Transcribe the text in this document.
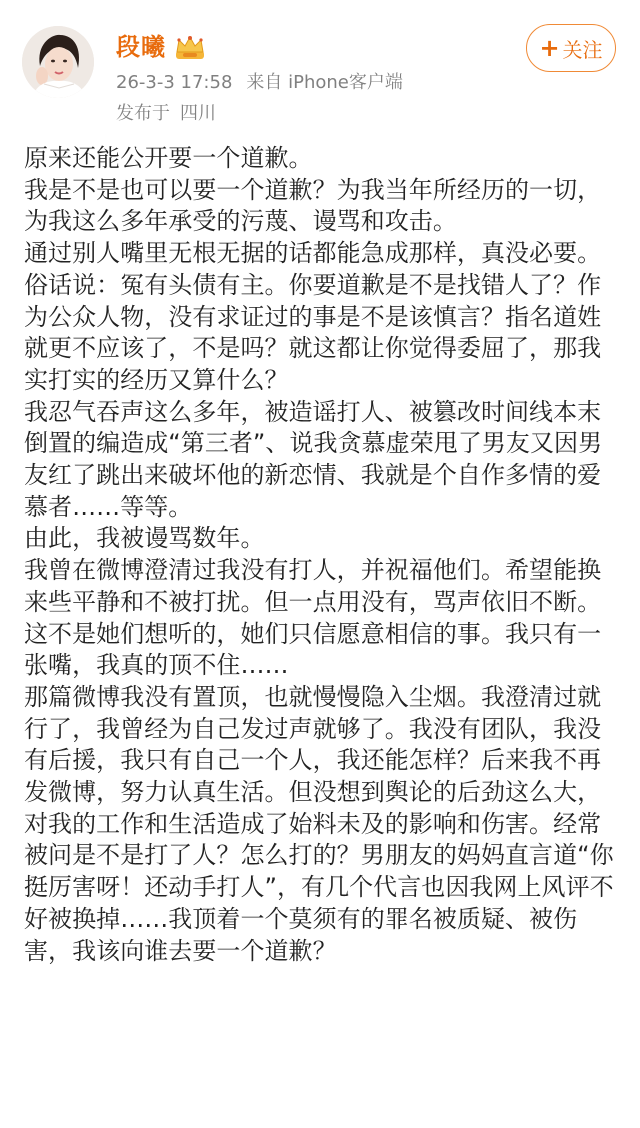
段曦
26-3-3 17:58 来自 iPhone客户端
发布于 四川
+ 关注

原来还能公开要一个道歉。

我是不是也可以要一个道歉？为我当年所经历的一切，为我这么多年承受的污蔑、谩骂和攻击。

通过别人嘴里无根无据的话都能急成那样，真没必要。俗话说：冤有头债有主。你要道歉是不是找错人了？作为公众人物，没有求证过的事是不是该慎言？指名道姓就更不应该了，不是吗？就这都让你觉得委屈了，那我实打实的经历又算什么？

我忍气吞声这么多年，被造谣打人、被篡改时间线本末倒置的编造成“第三者”、说我贪慕虚荣甩了男友又因男友红了跳出来破坏他的新恋情、我就是个自作多情的爱慕者……等等。

由此，我被谩骂数年。

我曾在微博澄清过我没有打人，并祝福他们。希望能换来些平静和不被打扰。但一点用没有，骂声依旧不断。这不是她们想听的，她们只信愿意相信的事。我只有一张嘴，我真的顶不住……

那篇微博我没有置顶，也就慢慢隐入尘烟。我澄清过就行了，我曾经为自己发过声就够了。我没有团队，我没有后援，我只有自己一个人，我还能怎样？后来我不再发微博，努力认真生活。但没想到舆论的后劲这么大，对我的工作和生活造成了始料未及的影响和伤害。经常被问是不是打了人？怎么打的？男朋友的妈妈直言道“你挺厉害呀！还动手打人”，有几个代言也因我网上风评不好被换掉……我顶着一个莫须有的罪名被质疑、被伤害，我该向谁去要一个道歉？
